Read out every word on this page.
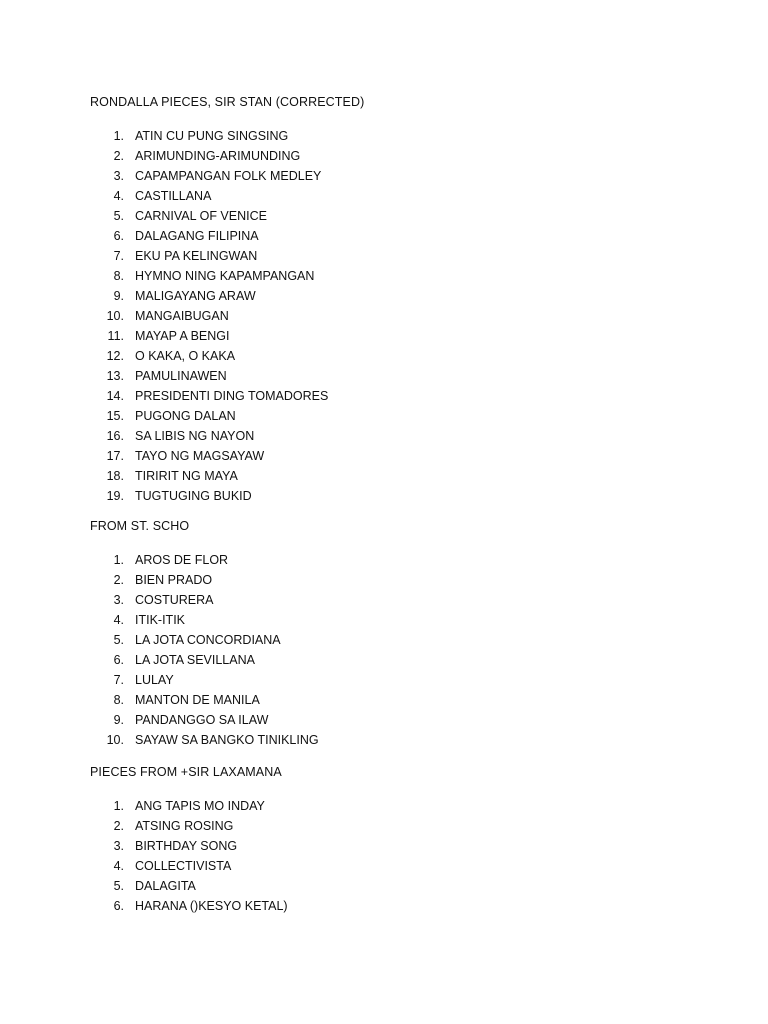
RONDALLA PIECES, SIR STAN (CORRECTED)
1. ATIN CU PUNG SINGSING
2. ARIMUNDING-ARIMUNDING
3. CAPAMPANGAN FOLK MEDLEY
4. CASTILLANA
5. CARNIVAL OF VENICE
6. DALAGANG FILIPINA
7. EKU PA KELINGWAN
8. HYMNO NING KAPAMPANGAN
9. MALIGAYANG ARAW
10. MANGAIBUGAN
11. MAYAP A BENGI
12. O KAKA, O KAKA
13. PAMULINAWEN
14. PRESIDENTI DING TOMADORES
15. PUGONG DALAN
16. SA LIBIS NG NAYON
17. TAYO NG MAGSAYAW
18. TIRIRIT NG MAYA
19. TUGTUGING BUKID
FROM ST. SCHO
1. AROS DE FLOR
2. BIEN PRADO
3. COSTURERA
4. ITIK-ITIK
5. LA JOTA CONCORDIANA
6. LA JOTA SEVILLANA
7. LULAY
8. MANTON DE MANILA
9. PANDANGGO SA ILAW
10. SAYAW SA BANGKO TINIKLING
PIECES FROM +SIR LAXAMANA
1. ANG TAPIS MO INDAY
2. ATSING ROSING
3. BIRTHDAY SONG
4. COLLECTIVISTA
5. DALAGITA
6. HARANA ()KESYO KETAL)
